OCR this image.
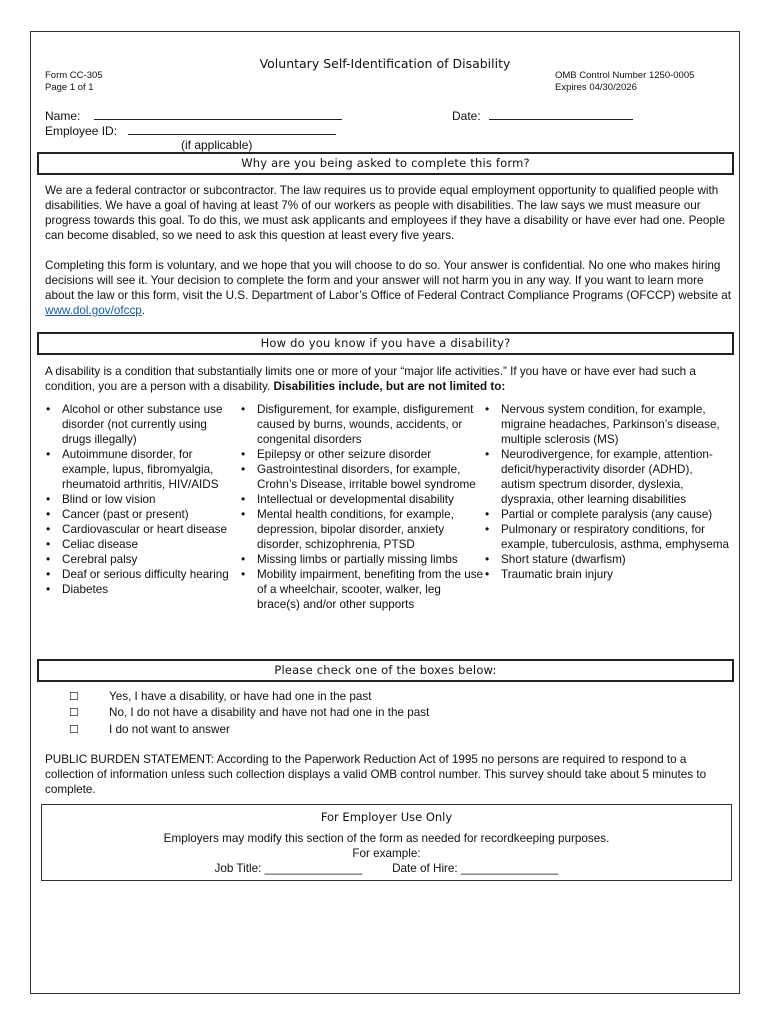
Voluntary Self-Identification of Disability
Form CC-305
Page 1 of 1
OMB Control Number 1250-0005
Expires 04/30/2026
Name:	Date:
Employee ID:
(if applicable)
Why are you being asked to complete this form?
We are a federal contractor or subcontractor. The law requires us to provide equal employment opportunity to qualified people with disabilities. We have a goal of having at least 7% of our workers as people with disabilities. The law says we must measure our progress towards this goal. To do this, we must ask applicants and employees if they have a disability or have ever had one. People can become disabled, so we need to ask this question at least every five years.
Completing this form is voluntary, and we hope that you will choose to do so. Your answer is confidential. No one who makes hiring decisions will see it. Your decision to complete the form and your answer will not harm you in any way. If you want to learn more about the law or this form, visit the U.S. Department of Labor’s Office of Federal Contract Compliance Programs (OFCCP) website at www.dol.gov/ofccp.
How do you know if you have a disability?
A disability is a condition that substantially limits one or more of your “major life activities.” If you have or have ever had such a condition, you are a person with a disability. Disabilities include, but are not limited to:
• Alcohol or other substance use disorder (not currently using drugs illegally)
• Autoimmune disorder, for example, lupus, fibromyalgia, rheumatoid arthritis, HIV/AIDS
• Blind or low vision
• Cancer (past or present)
• Cardiovascular or heart disease
• Celiac disease
• Cerebral palsy
• Deaf or serious difficulty hearing
• Diabetes
• Disfigurement, for example, disfigurement caused by burns, wounds, accidents, or congenital disorders
• Epilepsy or other seizure disorder
• Gastrointestinal disorders, for example, Crohn’s Disease, irritable bowel syndrome
• Intellectual or developmental disability
• Mental health conditions, for example, depression, bipolar disorder, anxiety disorder, schizophrenia, PTSD
• Missing limbs or partially missing limbs
• Mobility impairment, benefiting from the use of a wheelchair, scooter, walker, leg brace(s) and/or other supports
• Nervous system condition, for example, migraine headaches, Parkinson’s disease, multiple sclerosis (MS)
• Neurodivergence, for example, attention-deficit/hyperactivity disorder (ADHD), autism spectrum disorder, dyslexia, dyspraxia, other learning disabilities
• Partial or complete paralysis (any cause)
• Pulmonary or respiratory conditions, for example, tuberculosis, asthma, emphysema
• Short stature (dwarfism)
• Traumatic brain injury
Please check one of the boxes below:
☐	Yes, I have a disability, or have had one in the past
☐	No, I do not have a disability and have not had one in the past
☐	I do not want to answer
PUBLIC BURDEN STATEMENT: According to the Paperwork Reduction Act of 1995 no persons are required to respond to a collection of information unless such collection displays a valid OMB control number. This survey should take about 5 minutes to complete.
For Employer Use Only
Employers may modify this section of the form as needed for recordkeeping purposes.
For example:
Job Title: _______________	Date of Hire: _______________
